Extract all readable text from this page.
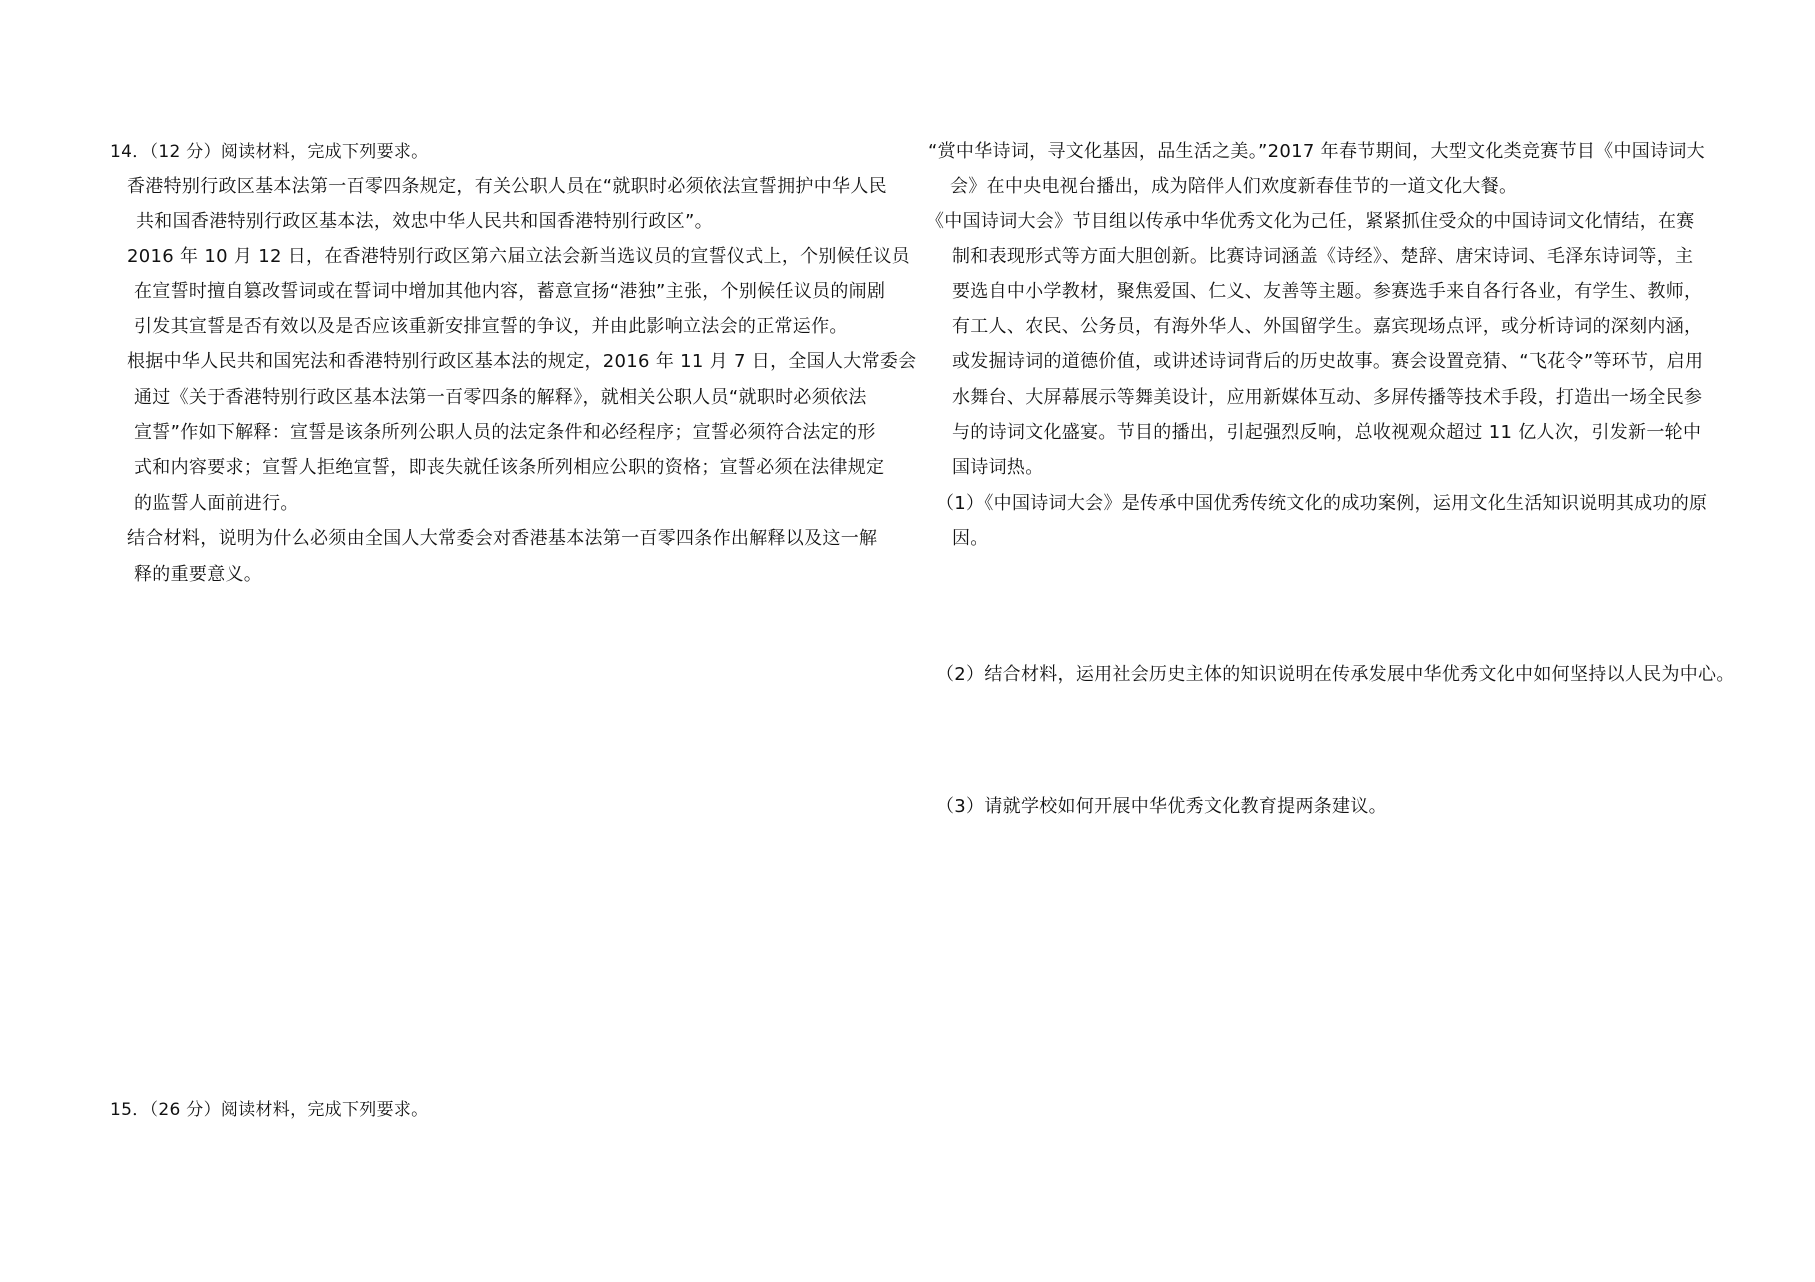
14．（12 分）阅读材料，完成下列要求。
香港特别行政区基本法第一百零四条规定，有关公职人员在“就职时必须依法宣誓拥护中华人民
共和国香港特别行政区基本法，效忠中华人民共和国香港特别行政区”。
2016 年 10 月 12 日，在香港特别行政区第六届立法会新当选议员的宣誓仪式上，个别候任议员
在宣誓时擅自篡改誓词或在誓词中增加其他内容，蓄意宣扬“港独”主张，个别候任议员的闹剧
引发其宣誓是否有效以及是否应该重新安排宣誓的争议，并由此影响立法会的正常运作。
根据中华人民共和国宪法和香港特别行政区基本法的规定，2016 年 11 月 7 日，全国人大常委会
通过《关于香港特别行政区基本法第一百零四条的解释》，就相关公职人员“就职时必须依法
宣誓”作如下解释：宣誓是该条所列公职人员的法定条件和必经程序；宣誓必须符合法定的形
式和内容要求；宣誓人拒绝宣誓，即丧失就任该条所列相应公职的资格；宣誓必须在法律规定
的监誓人面前进行。
结合材料，说明为什么必须由全国人大常委会对香港基本法第一百零四条作出解释以及这一解
释的重要意义。
15．（26 分）阅读材料，完成下列要求。
“赏中华诗词，寻文化基因，品生活之美。”2017 年春节期间，大型文化类竞赛节目《中国诗词大
会》在中央电视台播出，成为陪伴人们欢度新春佳节的一道文化大餐。
《中国诗词大会》节目组以传承中华优秀文化为己任，紧紧抓住受众的中国诗词文化情结，在赛
制和表现形式等方面大胆创新。比赛诗词涵盖《诗经》、楚辞、唐宋诗词、毛泽东诗词等，主
要选自中小学教材，聚焦爱国、仁义、友善等主题。参赛选手来自各行各业，有学生、教师，
有工人、农民、公务员，有海外华人、外国留学生。嘉宾现场点评，或分析诗词的深刻内涵，
或发掘诗词的道德价值，或讲述诗词背后的历史故事。赛会设置竞猜、“飞花令”等环节，启用
水舞台、大屏幕展示等舞美设计，应用新媒体互动、多屏传播等技术手段，打造出一场全民参
与的诗词文化盛宴。节目的播出，引起强烈反响，总收视观众超过 11 亿人次，引发新一轮中
国诗词热。
（1）《中国诗词大会》是传承中国优秀传统文化的成功案例，运用文化生活知识说明其成功的原
因。
（2）结合材料，运用社会历史主体的知识说明在传承发展中华优秀文化中如何坚持以人民为中心。
（3）请就学校如何开展中华优秀文化教育提两条建议。
